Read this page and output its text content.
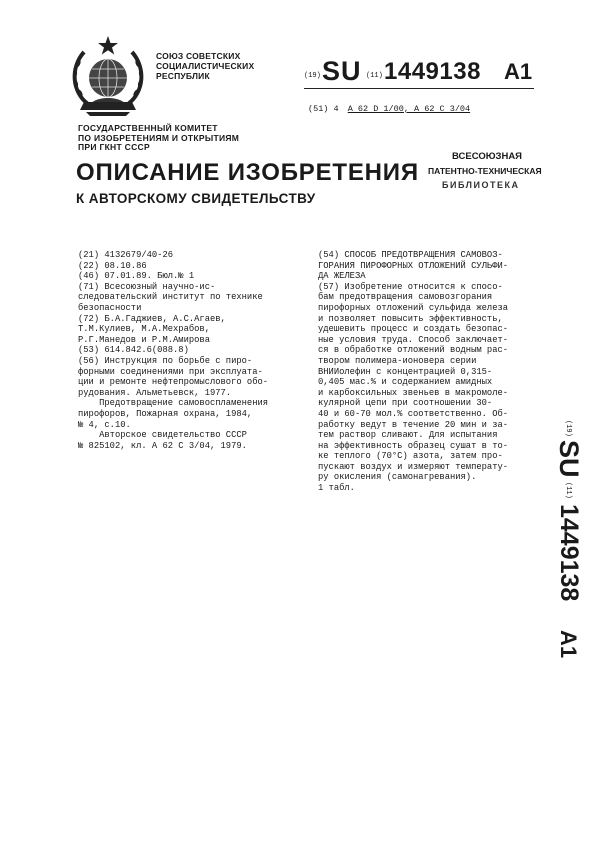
СОЮЗ СОВЕТСКИХ
СОЦИАЛИСТИЧЕСКИХ
РЕСПУБЛИК	(19) SU (11) 1449138 A1
(51) 4 А 62 D 1/00, А 62 С 3/04
ГОСУДАРСТВЕННЫЙ КОМИТЕТ
ПО ИЗОБРЕТЕНИЯМ И ОТКРЫТИЯМ
ПРИ ГКНТ СССР
ОПИСАНИЕ ИЗОБРЕТЕНИЯ
К АВТОРСКОМУ СВИДЕТЕЛЬСТВУ
ВСЕСОЮЗНАЯ
ПАТЕНТНО-ТЕХНИЧЕСКАЯ
БИБЛИОТЕКА
(21) 4132679/40-26
(22) 08.10.86
(46) 07.01.89. Бюл.№ 1
(71) Всесоюзный научно-ис-
следовательский институт по технике
безопасности
(72) Б.А.Гаджиев, А.С.Агаев,
Т.М.Кулиев, М.А.Мехрабов,
Р.Г.Манедов и Р.М.Амирова
(53) 614.842.6(088.8)
(56) Инструкция по борьбе с пиро-
форными соединениями при эксплуата-
ции и ремонте нефтепромыслового обо-
рудования. Альметьевск, 1977.
Предотвращение самовоспламенения
пирофоров, Пожарная охрана, 1984,
№ 4, с.10.
Авторское свидетельство СССР
№ 825102, кл. А 62 С 3/04, 1979.
(54) СПОСОБ ПРЕДОТВРАЩЕНИЯ САМОВОЗ-
ГОРАНИЯ ПИРОФОРНЫХ ОТЛОЖЕНИЙ СУЛЬФИ-
ДА ЖЕЛЕЗА
(57) Изобретение относится к спосо-
бам предотвращения самовозгорания
пирофорных отложений сульфида железа
и позволяет повысить эффективность,
удешевить процесс и создать безопас-
ные условия труда. Способ заключает-
ся в обработке отложений водным рас-
твором полимера-ионовера серии
ВНИИолефин с концентрацией 0,315-
0,405 мас.% и содержанием амидных
и карбоксильных звеньев в макромоле-
кулярной цепи при соотношении 30-
40 и 60-70 мол.% соответственно. Об-
работку ведут в течение 20 мин и за-
тем раствор сливают. Для испытания
на эффективность образец сушат в то-
ке теплого (70°С) азота, затем про-
пускают воздух и измеряют температу-
ру окисления (самонагревания).
1 табл.
(19)
SU
(11)
1449138
A1
